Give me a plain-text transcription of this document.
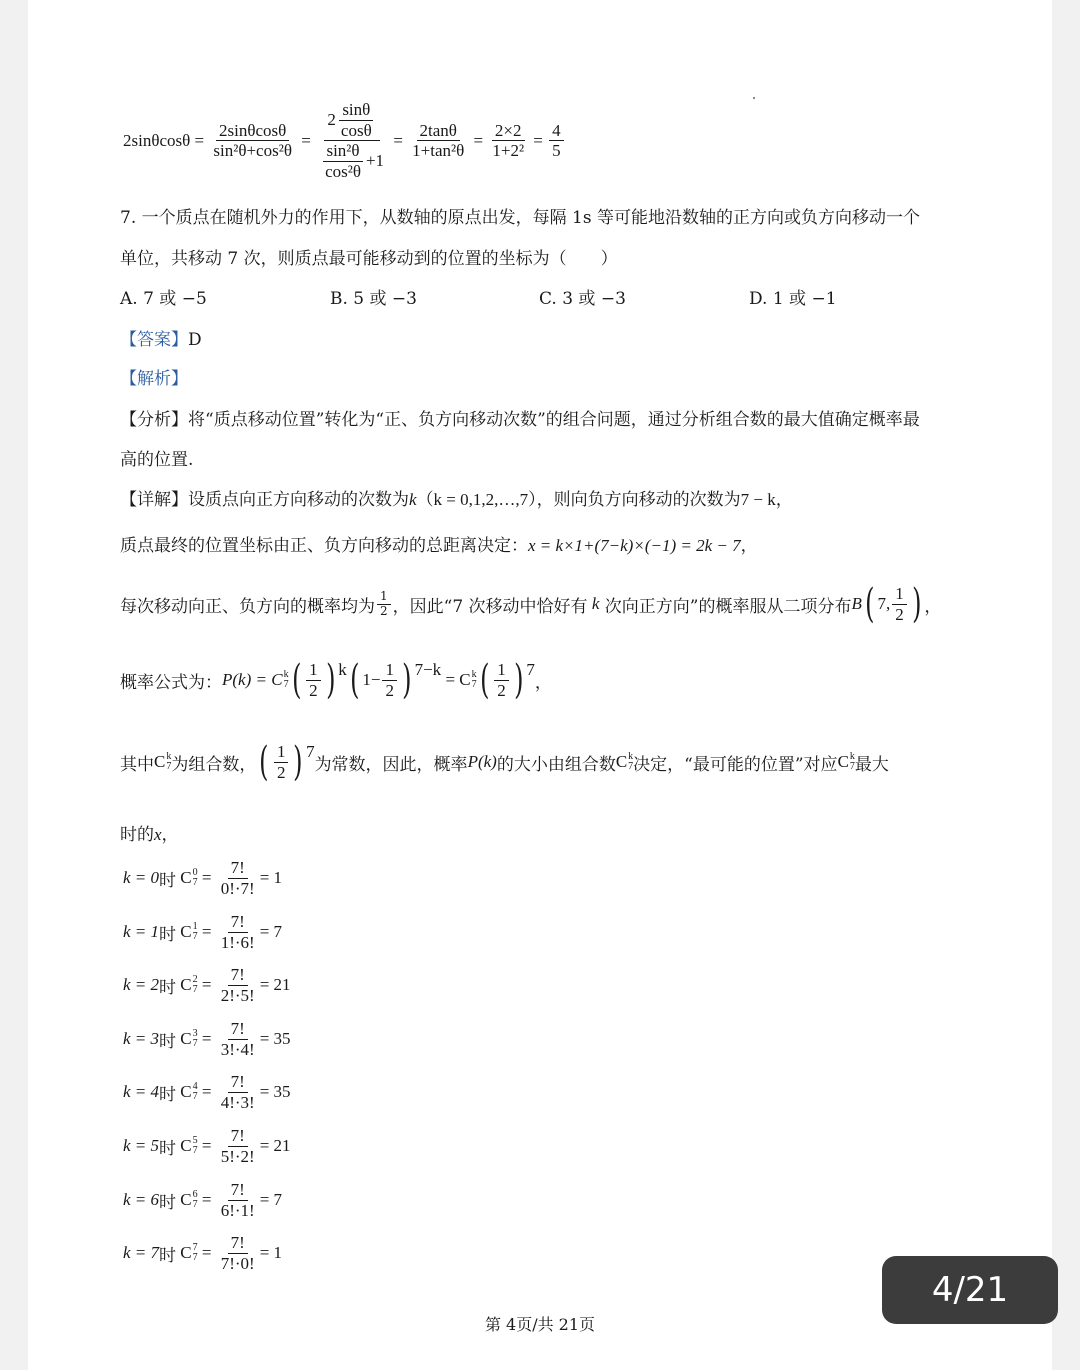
$2\sin\theta\cos\theta = \frac{2\sin\theta\cos\theta}{\text{sin²θ+cos²θ}} = \frac{2 \frac{\sin\theta}{\cos\theta}}{\frac{\text{sin²θ}}{\text{cos²θ}} +1} = \frac{2\tan\theta}{\text{1+tan²θ}} = \frac{2\times 2}{\text{1+2²}} = \frac{4}{5}$
7. 一个质点在随机外力的作用下，从数轴的原点出发，每隔 1s 等可能地沿数轴的正方向或负方向移动一个
单位，共移动 7 次，则质点最可能移动到的位置的坐标为（　　）
A. 7 或 −5	B. 5 或 −3	C. 3 或 −3	D. 1 或 −1
【答案】D
【解析】
【分析】将“质点移动位置”转化为“正、负方向移动次数”的组合问题，通过分析组合数的最大值确定概率最
高的位置.
【详解】设质点向正方向移动的次数为k（k = 0,1,2,…,7），则向负方向移动的次数为7 − k，
质点最终的位置坐标由正、负方向移动的总距离决定：x = k×1+(7−k)×(−1) = 2k − 7，
每次移动向正、负方向的概率均为 $\frac{1}{2}$ ，因此“7 次移动中恰好有
k
次向正方向”的概率服从二项分布 B ( 7, $\frac{1}{2}$ ) ，
概率公式为： P(k) = C k
7 ( $\frac{1}{2}$ ) k ( $1- \frac{1}{2}$ ) 7−k

= C k
7 ( $\frac{1}{2}$ ) 7
，
其中 C k
7 为组合数， ( $\frac{1}{2}$ ) 7
为常数，因此，概率 P(k) 的大小由组合数 C k
7 决定，“最可能的位置”对应 C k
7 最大
时的x，
k = 0 时
C 0
$7 = \frac{7!}{0!\cdot 7!} = 1$
k = 1 时
C 1
$7 = \frac{7!}{1!\cdot 6!} = 7$
k = 2 时
C 2
$7 = \frac{7!}{2!\cdot 5!} = 21$
k = 3 时
C 3
$7 = \frac{7!}{3!\cdot 4!} = 35$
k = 4 时
C 4
$7 = \frac{7!}{4!\cdot 3!} = 35$
k = 5 时
C 5
$7 = \frac{7!}{5!\cdot 2!} = 21$
k = 6 时
C 6
$7 = \frac{7!}{6!\cdot 1!} = 7$
k = 7 时
C 7
$7 = \frac{7!}{7!\cdot 0!} = 1$
第 4页/共 21页
4/21
